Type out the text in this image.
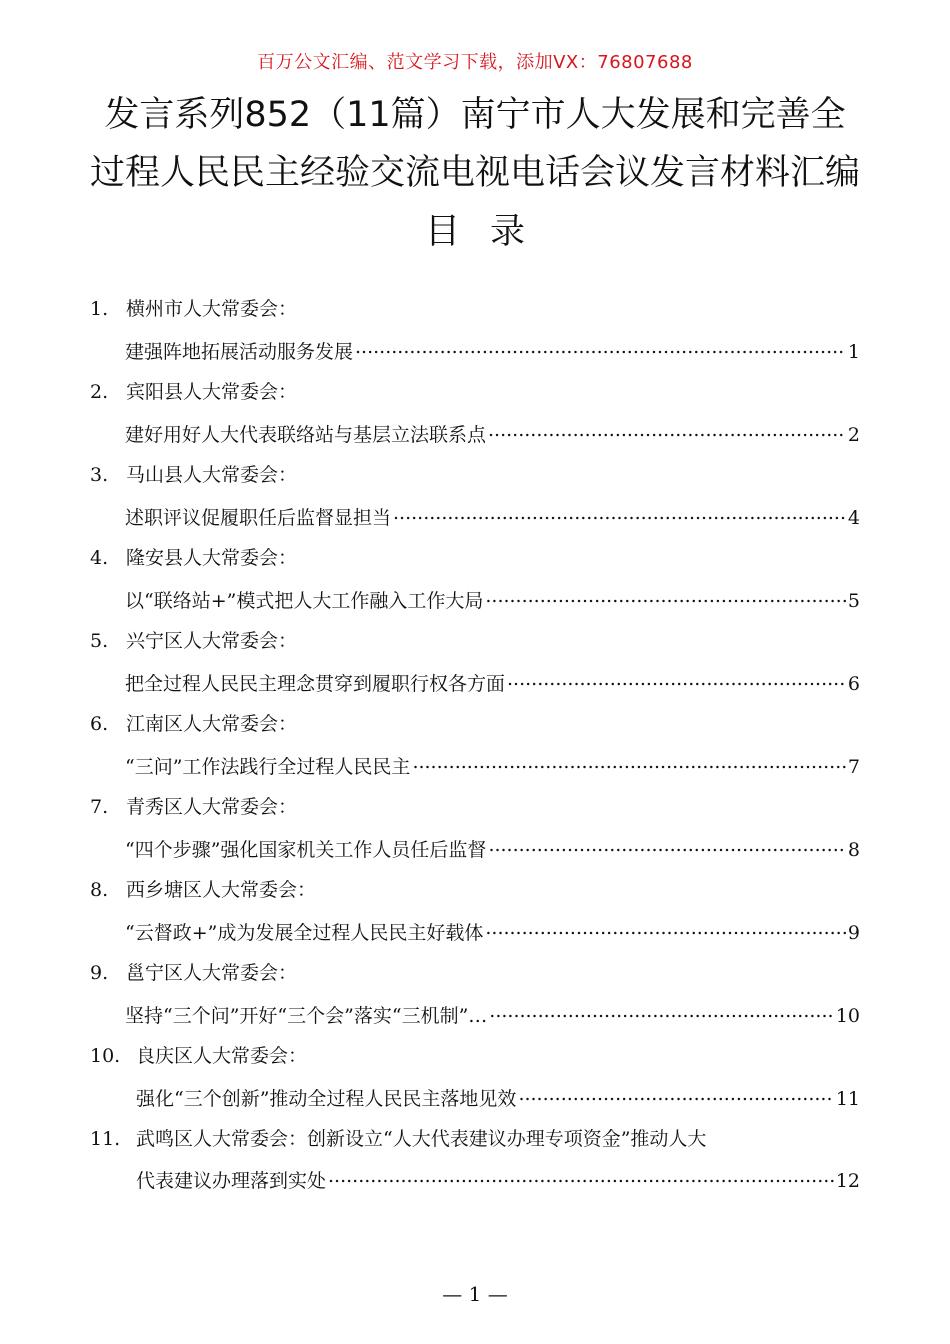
百万公文汇编、范文学习下载，添加VX：76807688
发言系列852（11篇）南宁市人大发展和完善全
过程人民民主经验交流电视电话会议发言材料汇编
目录
1. 横州市人大常委会：
建强阵地拓展活动服务发展 .....	1
2. 宾阳县人大常委会：
建好用好人大代表联络站与基层立法联系点 .....	2
3. 马山县人大常委会：
述职评议促履职任后监督显担当 .....	4
4. 隆安县人大常委会：
以“联络站+”模式把人大工作融入工作大局 .....	5
5. 兴宁区人大常委会：
把全过程人民民主理念贯穿到履职行权各方面 .....	6
6. 江南区人大常委会：
“三问”工作法践行全过程人民民主 .....	7
7. 青秀区人大常委会：
“四个步骤”强化国家机关工作人员任后监督 .....	8
8. 西乡塘区人大常委会：
“云督政+”成为发展全过程人民民主好载体 .....	9
9. 邕宁区人大常委会：
坚持“三个问”开好“三个会”落实“三机制”… .....	10
10. 良庆区人大常委会：
强化“三个创新”推动全过程人民民主落地见效 .....	11
11. 武鸣区人大常委会：创新设立“人大代表建议办理专项资金”推动人大
代表建议办理落到实处 .....	12
— 1 —
